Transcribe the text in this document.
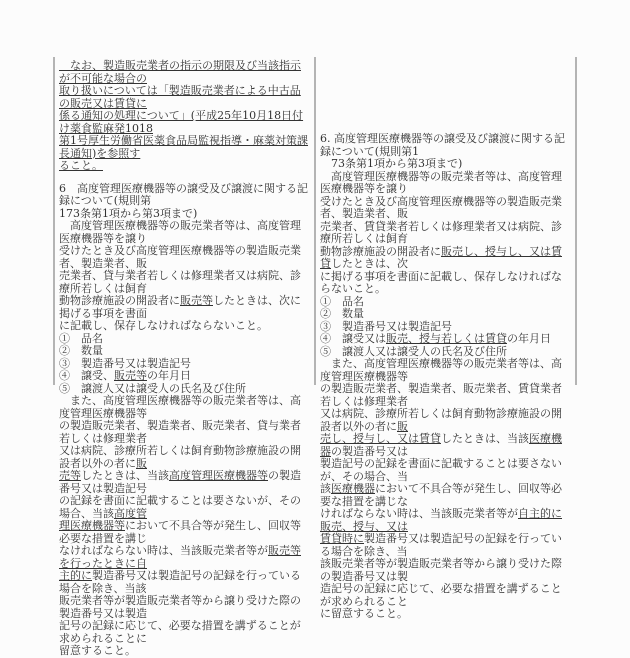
　なお、製造販売業者の指示の期限及び当該指示が不可能な場合の
取り扱いについては「製造販売業者による中古品の販売又は賃貸に
係る通知の処理について」(平成25年10月18日付け薬食監麻発1018
第1号厚生労働省医薬食品局監視指導・麻薬対策課長通知)を参照す
ること。
6　高度管理医療機器等の譲受及び譲渡に関する記録について(規則第
173条第1項から第3項まで)
　高度管理医療機器等の販売業者等は、高度管理医療機器等を譲り
受けたとき及び高度管理医療機器等の製造販売業者、製造業者、販
売業者、貸与業者若しくは修理業者又は病院、診療所若しくは飼育
動物診療施設の開設者に販売等したときは、次に掲げる事項を書面
に記載し、保存しなければならないこと。
①　品名
②　数量
③　製造番号又は製造記号
④　譲受、販売等の年月日
⑤　譲渡人又は譲受人の氏名及び住所
　また、高度管理医療機器等の販売業者等は、高度管理医療機器等
の製造販売業者、製造業者、販売業者、貸与業者若しくは修理業者
又は病院、診療所若しくは飼育動物診療施設の開設者以外の者に販
売等したときは、当該高度管理医療機器等の製造番号又は製造記号
の記録を書面に記載することは要さないが、その場合、当該高度管
理医療機器等において不具合等が発生し、回収等必要な措置を講じ
なければならない時は、当該販売業者等が販売等を行ったときに自
主的に製造番号又は製造記号の記録を行っている場合を除き、当該
販売業者等が製造販売業者等から譲り受けた際の製造番号又は製造
記号の記録に応じて、必要な措置を講ずることが求められることに
留意すること。
6. 高度管理医療機器等の譲受及び譲渡に関する記録について(規則第1
　73条第1項から第3項まで)
　高度管理医療機器等の販売業者等は、高度管理医療機器等を譲り
受けたとき及び高度管理医療機器等の製造販売業者、製造業者、販
売業者、賃貸業者若しくは修理業者又は病院、診療所若しくは飼育
動物診療施設の開設者に販売し、授与し、又は賃貸したときは、次
に掲げる事項を書面に記載し、保存しなければならないこと。
①　品名
②　数量
③　製造番号又は製造記号
④　譲受又は販売、授与若しくは賃貸の年月日
⑤　譲渡人又は譲受人の氏名及び住所
　また、高度管理医療機器等の販売業者等は、高度管理医療機器等
の製造販売業者、製造業者、販売業者、賃貸業者若しくは修理業者
又は病院、診療所若しくは飼育動物診療施設の開設者以外の者に販
売し、授与し、又は賃貸したときは、当該医療機器の製造番号又は
製造記号の記録を書面に記載することは要さないが、その場合、当
該医療機器において不具合等が発生し、回収等必要な措置を講じな
ければならない時は、当該販売業者等が自主的に販売、授与、又は
賃貸時に製造番号又は製造記号の記録を行っている場合を除き、当
該販売業者等が製造販売業者等から譲り受けた際の製造番号又は製
造記号の記録に応じて、必要な措置を講ずることが求められること
に留意すること。
